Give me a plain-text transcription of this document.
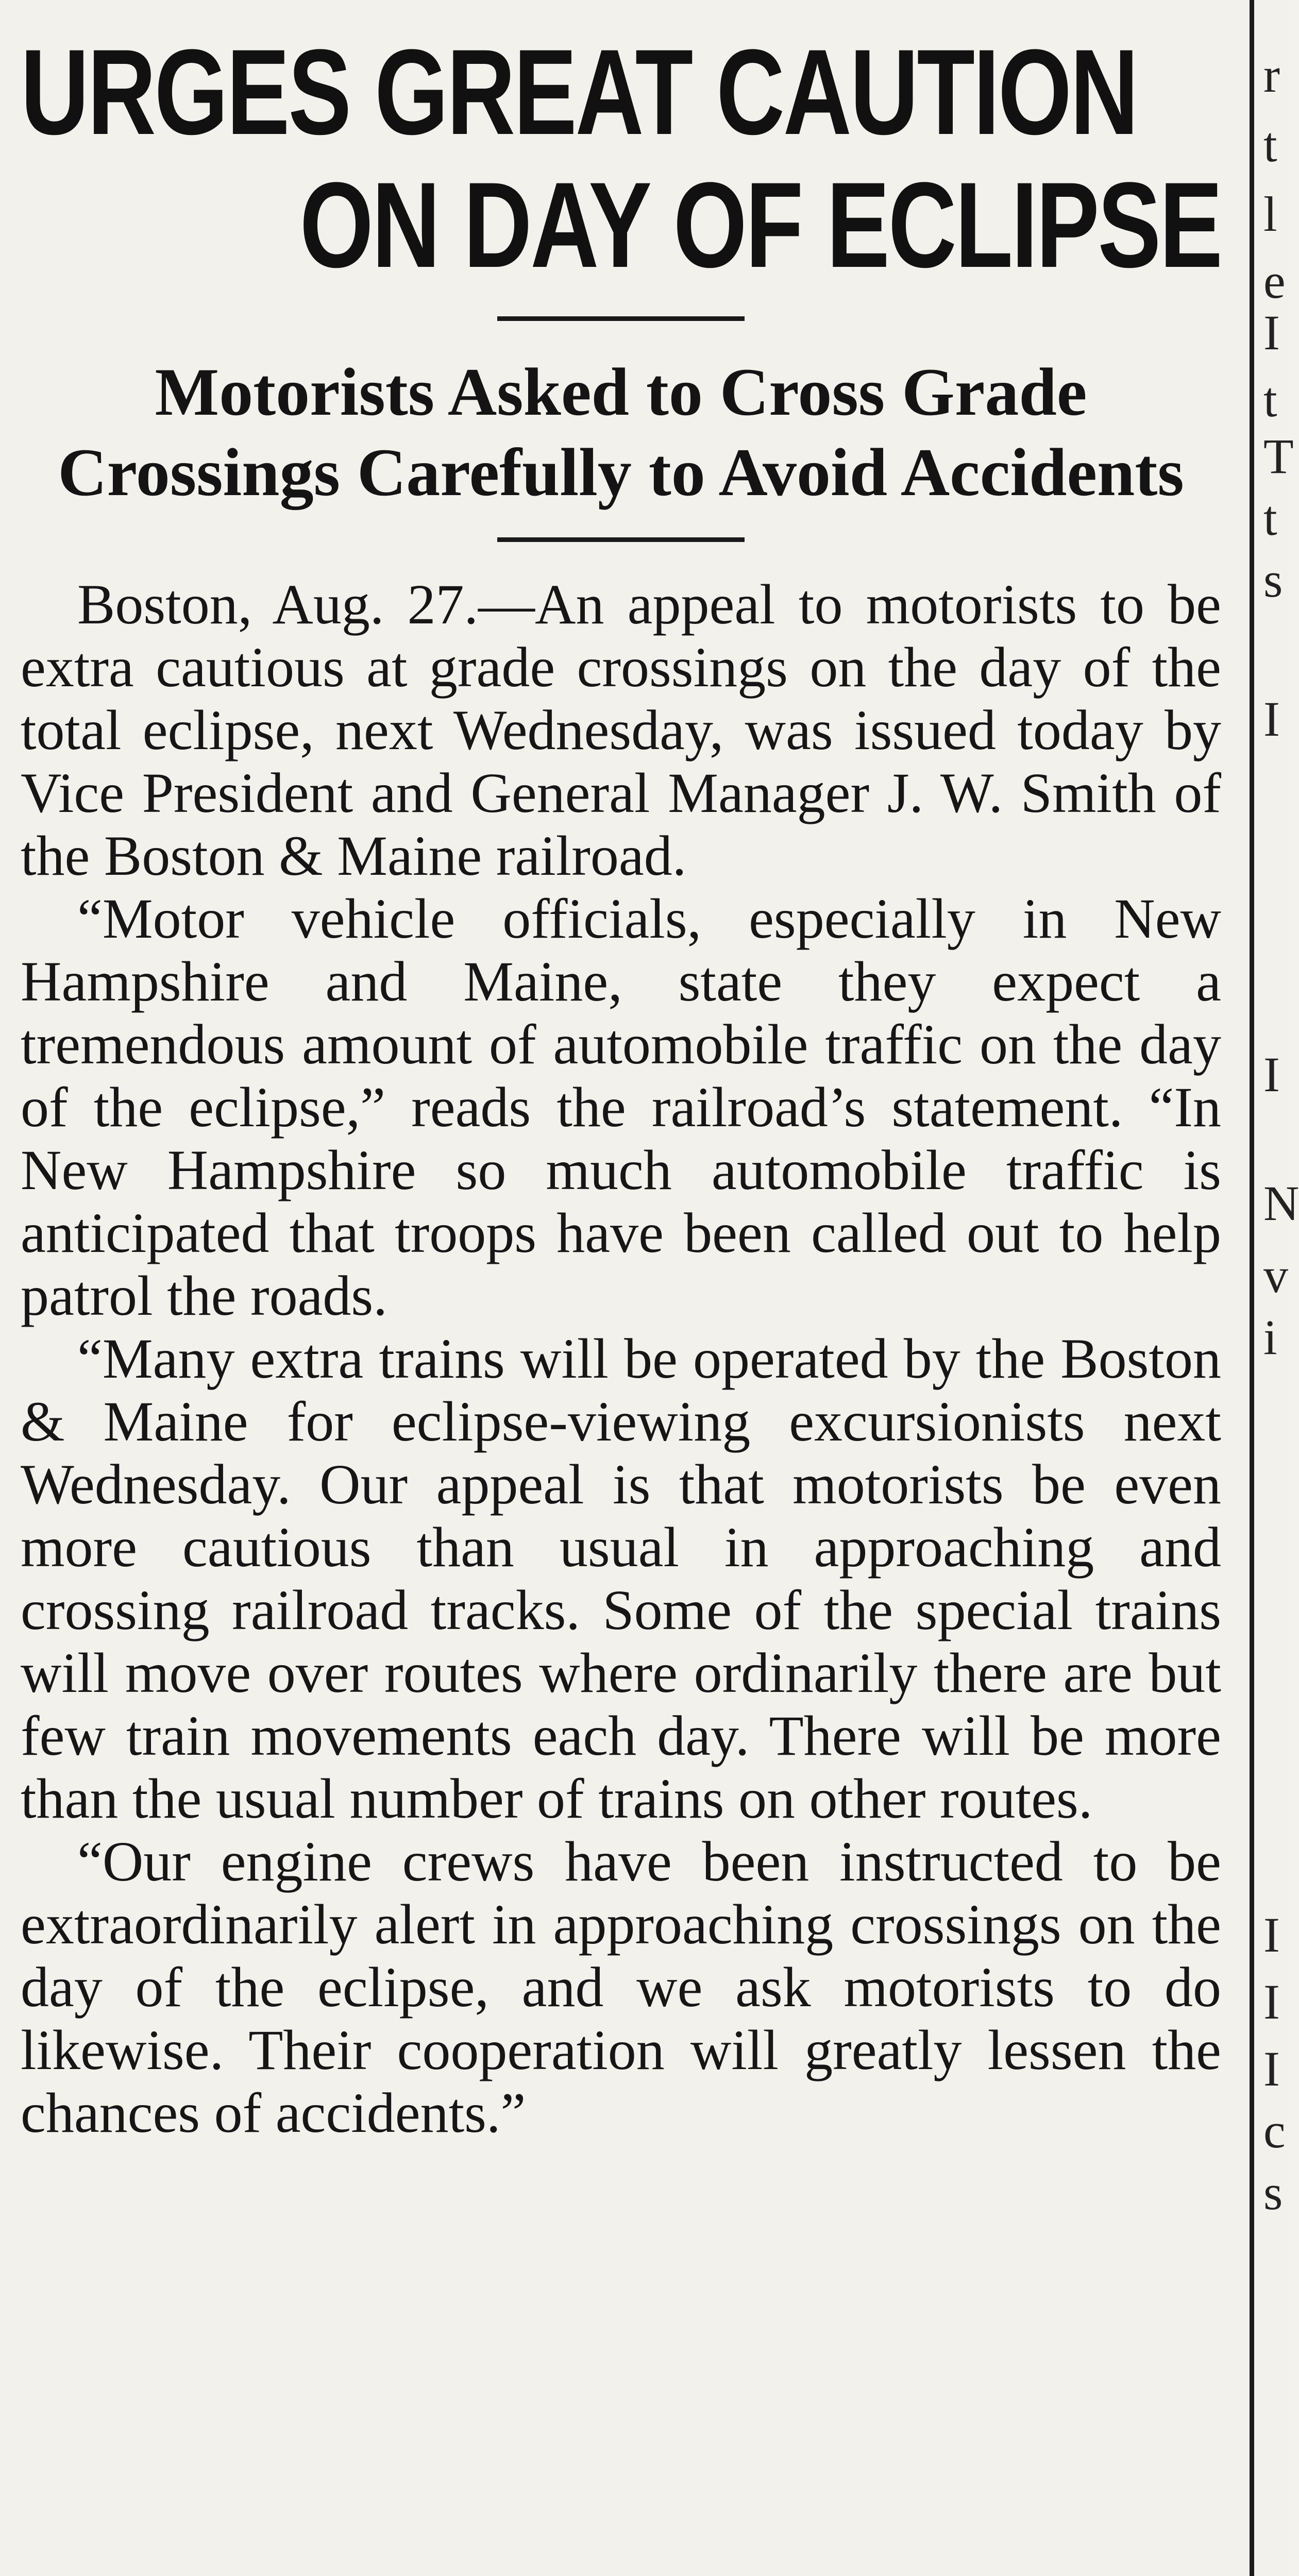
URGES GREAT CAUTION
ON DAY OF ECLIPSE
Motorists Asked to Cross Grade Crossings Carefully to Avoid Accidents

Boston, Aug. 27.—An appeal to motorists to be extra cautious at grade crossings on the day of the total eclipse, next Wednesday, was issued today by Vice President and General Manager J. W. Smith of the Boston & Maine railroad.

“Motor vehicle officials, especially in New Hampshire and Maine, state they expect a tremendous amount of automobile traffic on the day of the eclipse,” reads the railroad’s statement. “In New Hampshire so much automobile traffic is anticipated that troops have been called out to help patrol the roads.

“Many extra trains will be operated by the Boston & Maine for eclipse-viewing excursionists next Wednesday. Our appeal is that motorists be even more cautious than usual in approaching and crossing railroad tracks. Some of the special trains will move over routes where ordinarily there are but few train movements each day. There will be more than the usual number of trains on other routes.

“Our engine crews have been instructed to be extraordinarily alert in approaching crossings on the day of the eclipse, and we ask motorists to do likewise. Their cooperation will greatly lessen the chances of accidents.”

r
t
l
e
I
t
T
t
s
I
I
N
v
i
I
I
I
c
s
